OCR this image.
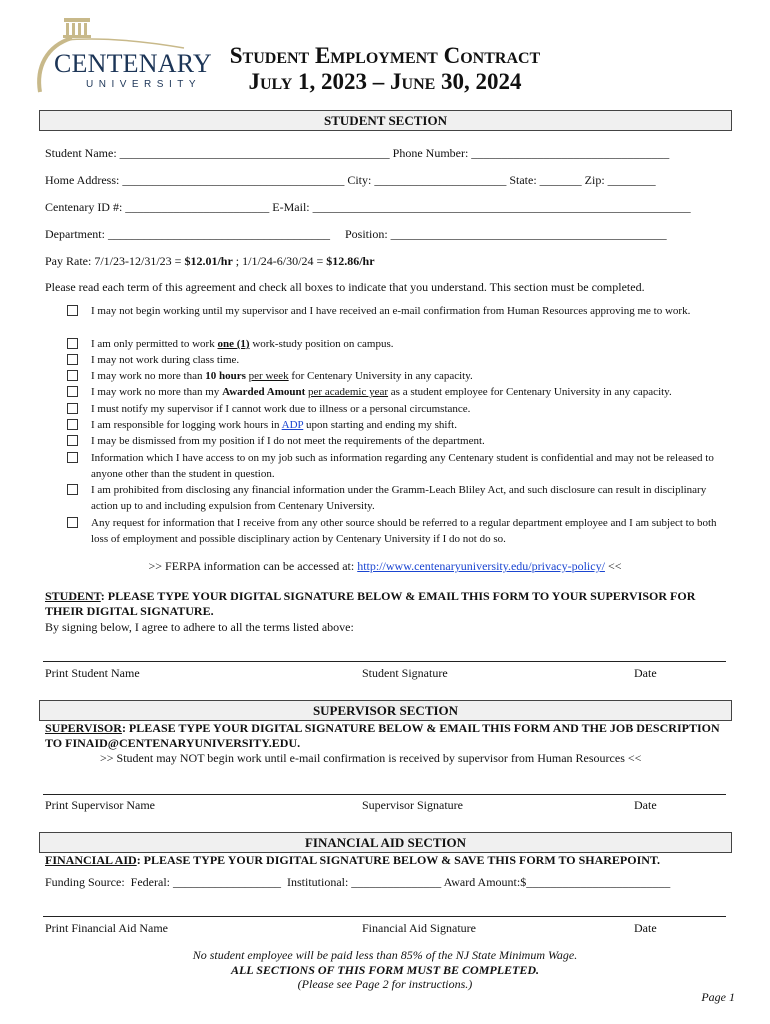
CENTENARY
UNIVERSITY
Student Employment Contract
July 1, 2023 – June 30, 2024
STUDENT SECTION
Student Name: _____________________________________________ Phone Number: _________________________________
Home Address: _____________________________________ City: ______________________ State: _______ Zip: ________
Centenary ID #: ________________________ E-Mail: _______________________________________________________________
Department: _____________________________________     Position: ______________________________________________
Pay Rate: 7/1/23-12/31/23 = $12.01/hr ; 1/1/24-6/30/24 = $12.86/hr
Please read each term of this agreement and check all boxes to indicate that you understand. This section must be completed.
I may not begin working until my supervisor and I have received an e-mail confirmation from Human Resources approving me to work.
I am only permitted to work one (1) work-study position on campus.
I may not work during class time.
I may work no more than 10 hours per week for Centenary University in any capacity.
I may work no more than my Awarded Amount per academic year as a student employee for Centenary University in any capacity.
I must notify my supervisor if I cannot work due to illness or a personal circumstance.
I am responsible for logging work hours in ADP upon starting and ending my shift.
I may be dismissed from my position if I do not meet the requirements of the department.
Information which I have access to on my job such as information regarding any Centenary student is confidential and may not be released to anyone other than the student in question.
I am prohibited from disclosing any financial information under the Gramm-Leach Bliley Act, and such disclosure can result in disciplinary action up to and including expulsion from Centenary University.
Any request for information that I receive from any other source should be referred to a regular department employee and I am subject to both loss of employment and possible disciplinary action by Centenary University if I do not do so.
>> FERPA information can be accessed at: http://www.centenaryuniversity.edu/privacy-policy/ <<
STUDENT: PLEASE TYPE YOUR DIGITAL SIGNATURE BELOW & EMAIL THIS FORM TO YOUR SUPERVISOR FOR THEIR DIGITAL SIGNATURE.
By signing below, I agree to adhere to all the terms listed above:
Print Student Name	Student Signature	Date
SUPERVISOR SECTION
SUPERVISOR: PLEASE TYPE YOUR DIGITAL SIGNATURE BELOW & EMAIL THIS FORM AND THE JOB DESCRIPTION TO FINAID@CENTENARYUNIVERSITY.EDU.
>> Student may NOT begin work until e-mail confirmation is received by supervisor from Human Resources <<
Print Supervisor Name	Supervisor Signature	Date
FINANCIAL AID SECTION
FINANCIAL AID: PLEASE TYPE YOUR DIGITAL SIGNATURE BELOW & SAVE THIS FORM TO SHAREPOINT.
Funding Source:  Federal: __________________  Institutional: _______________ Award Amount:$________________________
Print Financial Aid Name	Financial Aid Signature	Date
No student employee will be paid less than 85% of the NJ State Minimum Wage.
ALL SECTIONS OF THIS FORM MUST BE COMPLETED.
(Please see Page 2 for instructions.)
Page 1
